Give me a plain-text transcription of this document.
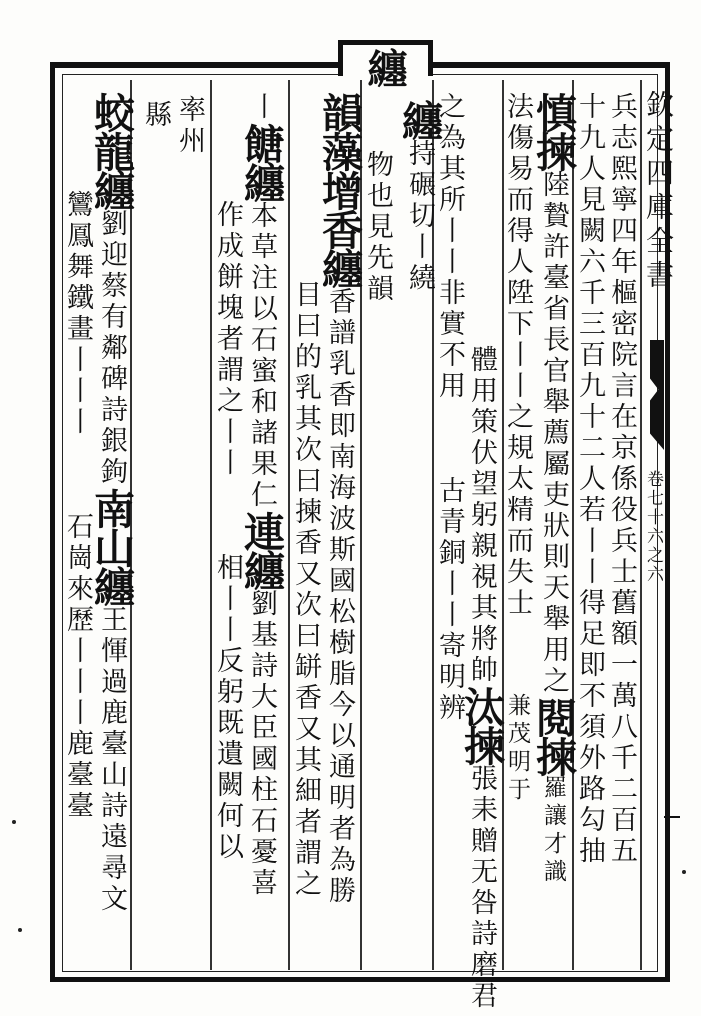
欽定四庫全書
卷七十六之六
纏
兵志熙寧四年樞密院言在京係役兵士舊額一萬八千二百五
十九人見闕六千三百九十二人若丨丨得足即不須外路勾抽
慎揀陸贄許臺省長官舉薦屬吏狀則天舉用之閱揀羅讓才識
法傷易而得人陞下丨丨之規太精而失士兼茂明于
體用策伏望躬親視其將帥汰揀張耒贈无咎詩磨君
之為其所丨丨非實不用古青銅丨丨寄明辨
纏持碾切丨繞
物也見先韻
韻藻增香纏香譜乳香即南海波斯國松樹脂今以通明者為勝
目曰的乳其次曰揀香又次曰缾香又其細者謂之
丨餹纏本草注以石蜜和諸果仁連纏劉基詩大臣國柱石憂喜
作成餅塊者謂之丨丨相丨丨反躬既遺闕何以
率州
縣
蛟龍纏劉迎蔡有鄰碑詩銀鉤南山纏王惲過鹿臺山詩遠尋文
鸞鳳舞鐵畫丨丨丨石崗來歷丨丨丨鹿臺臺
